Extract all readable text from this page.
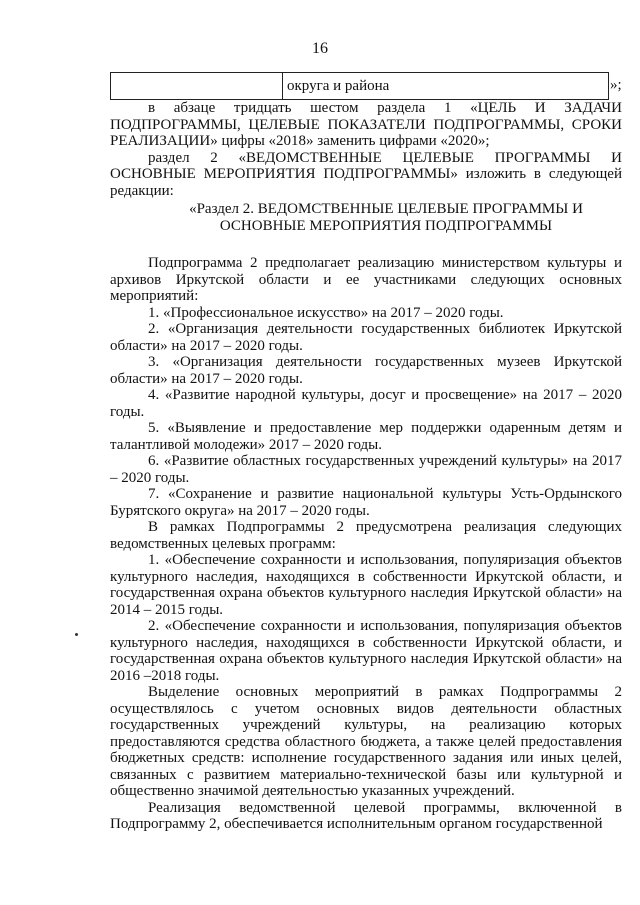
16
	округа и района	»;

в абзаце тридцать шестом раздела 1 «ЦЕЛЬ И ЗАДАЧИ ПОДПРОГРАММЫ, ЦЕЛЕВЫЕ ПОКАЗАТЕЛИ ПОДПРОГРАММЫ, СРОКИ РЕАЛИЗАЦИИ» цифры «2018» заменить цифрами «2020»;

раздел 2 «ВЕДОМСТВЕННЫЕ ЦЕЛЕВЫЕ ПРОГРАММЫ И ОСНОВНЫЕ МЕРОПРИЯТИЯ ПОДПРОГРАММЫ» изложить в следующей редакции:

«Раздел 2. ВЕДОМСТВЕННЫЕ ЦЕЛЕВЫЕ ПРОГРАММЫ И ОСНОВНЫЕ МЕРОПРИЯТИЯ ПОДПРОГРАММЫ

Подпрограмма 2 предполагает реализацию министерством культуры и архивов Иркутской области и ее участниками следующих основных мероприятий:

1. «Профессиональное искусство» на 2017 – 2020 годы.

2. «Организация деятельности государственных библиотек Иркутской области» на 2017 – 2020 годы.

3. «Организация деятельности государственных музеев Иркутской области» на 2017 – 2020 годы.

4. «Развитие народной культуры, досуг и просвещение» на 2017 – 2020 годы.

5. «Выявление и предоставление мер поддержки одаренным детям и талантливой молодежи» 2017 – 2020 годы.

6. «Развитие областных государственных учреждений культуры» на 2017 – 2020 годы.

7. «Сохранение и развитие национальной культуры Усть-Ордынского Бурятского округа» на 2017 – 2020 годы.

В рамках Подпрограммы 2 предусмотрена реализация следующих ведомственных целевых программ:

1. «Обеспечение сохранности и использования, популяризация объектов культурного наследия, находящихся в собственности Иркутской области, и государственная охрана объектов культурного наследия Иркутской области» на 2014 – 2015 годы.

2. «Обеспечение сохранности и использования, популяризация объектов культурного наследия, находящихся в собственности Иркутской области, и государственная охрана объектов культурного наследия Иркутской области» на 2016 –2018 годы.

Выделение основных мероприятий в рамках Подпрограммы 2 осуществлялось с учетом основных видов деятельности областных государственных учреждений культуры, на реализацию которых предоставляются средства областного бюджета, а также целей предоставления бюджетных средств: исполнение государственного задания или иных целей, связанных с развитием материально-технической базы или культурной и общественно значимой деятельностью указанных учреждений.

Реализация ведомственной целевой программы, включенной в Подпрограмму 2, обеспечивается исполнительным органом государственной
